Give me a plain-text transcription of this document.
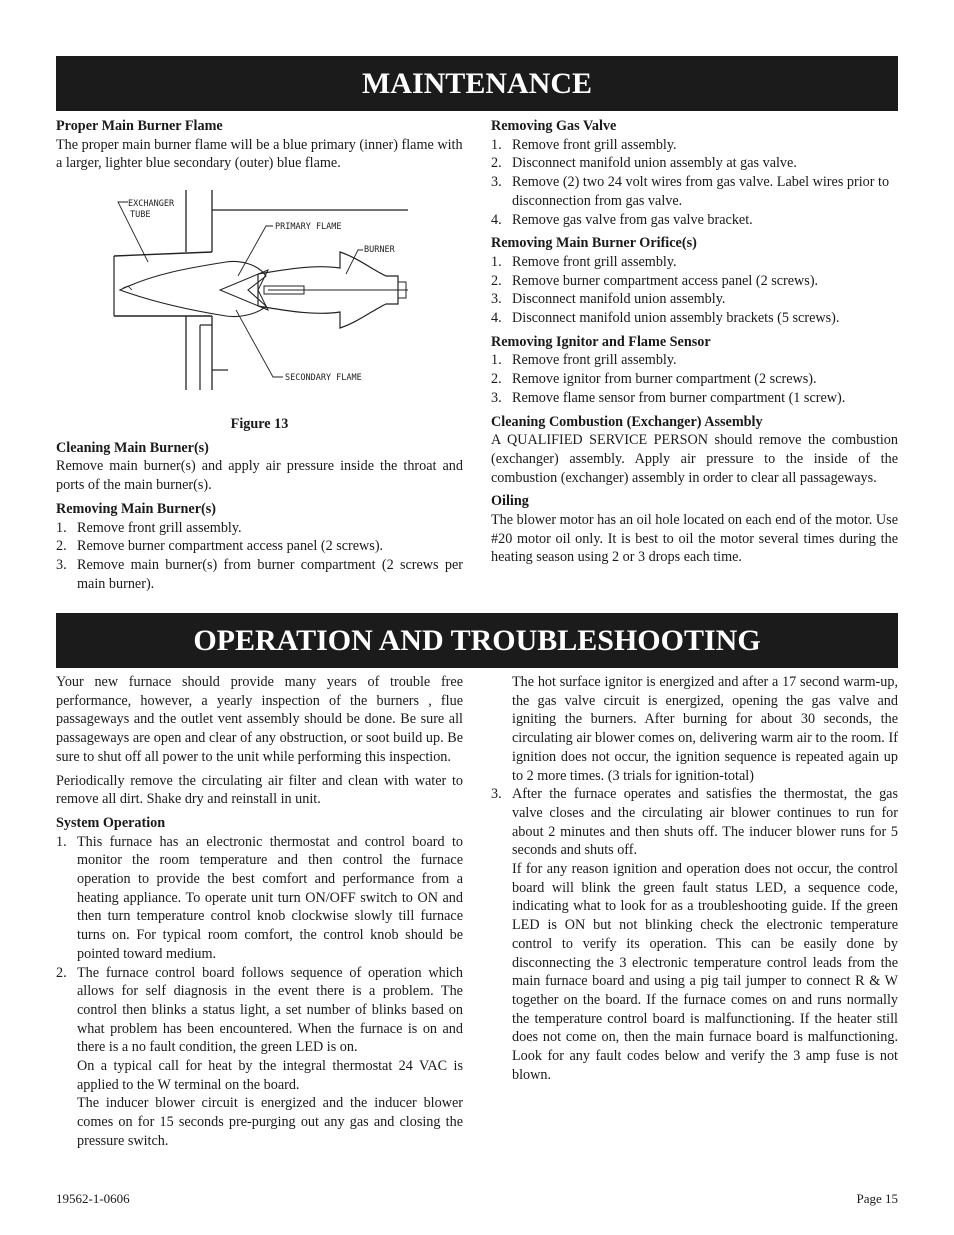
MAINTENANCE
Proper Main Burner Flame

The proper main burner flame will be a blue primary (inner) flame with a larger, lighter blue secondary (outer) blue flame.

EXCHANGER
TUBE
PRIMARY FLAME
BURNER
SECONDARY FLAME
Figure 13
Cleaning Main Burner(s)

Remove main burner(s) and apply air pressure inside the throat and ports of the main burner(s).

Removing Main Burner(s)
1. Remove front grill assembly.
2. Remove burner compartment access panel (2 screws).
3. Remove main burner(s) from burner compartment (2 screws per main burner).
Removing Gas Valve
1. Remove front grill assembly.
2. Disconnect manifold union assembly at gas valve.
3. Remove (2) two 24 volt wires from gas valve. Label wires prior to disconnection from gas valve.
4. Remove gas valve from gas valve bracket.
Removing Main Burner Orifice(s)
1. Remove front grill assembly.
2. Remove burner compartment access panel (2 screws).
3. Disconnect manifold union assembly.
4. Disconnect manifold union assembly brackets (5 screws).
Removing Ignitor and Flame Sensor
1. Remove front grill assembly.
2. Remove ignitor from burner compartment (2 screws).
3. Remove flame sensor from burner compartment (1 screw).
Cleaning Combustion (Exchanger) Assembly

A QUALIFIED SERVICE PERSON should remove the combustion (exchanger) assembly. Apply air pressure to the inside of the combustion (exchanger) assembly in order to clear all passageways.

Oiling

The blower motor has an oil hole located on each end of the motor. Use #20 motor oil only. It is best to oil the motor several times during the heating season using 2 or 3 drops each time.

OPERATION AND TROUBLESHOOTING

Your new furnace should provide many years of trouble free performance, however, a yearly inspection of the burners , flue passageways and the outlet vent assembly should be done. Be sure all passageways are open and clear of any obstruction, or soot build up. Be sure to shut off all power to the unit while performing this inspection.

Periodically remove the circulating air filter and clean with water to remove all dirt. Shake dry and reinstall in unit.

System Operation
1. This furnace has an electronic thermostat and control board to monitor the room temperature and then control the furnace operation to provide the best comfort and performance from a heating appliance. To operate unit turn ON/OFF switch to ON and then turn temperature control knob clockwise slowly till furnace turns on. For typical room comfort, the control knob should be pointed toward medium.
2. The furnace control board follows sequence of operation which allows for self diagnosis in the event there is a problem. The control then blinks a status light, a set number of blinks based on what problem has been encountered. When the furnace is on and there is a no fault condition, the green LED is on.

On a typical call for heat by the integral thermostat 24 VAC is applied to the W terminal on the board.

The inducer blower circuit is energized and the inducer blower comes on for 15 seconds pre-purging out any gas and closing the pressure switch.

The hot surface ignitor is energized and after a 17 second warm-up, the gas valve circuit is energized, opening the gas valve and igniting the burners. After burning for about 30 seconds, the circulating air blower comes on, delivering warm air to the room. If ignition does not occur, the ignition sequence is repeated again up to 2 more times. (3 trials for ignition-total)

3. After the furnace operates and satisfies the thermostat, the gas valve closes and the circulating air blower continues to run for about 2 minutes and then shuts off. The inducer blower runs for 5 seconds and shuts off.

If for any reason ignition and operation does not occur, the control board will blink the green fault status LED, a sequence code, indicating what to look for as a troubleshooting guide. If the green LED is ON but not blinking check the electronic temperature control to verify its operation. This can be easily done by disconnecting the 3 electronic temperature control leads from the main furnace board and using a pig tail jumper to connect R & W together on the board. If the furnace comes on and runs normally the temperature control board is malfunctioning. If the heater still does not come on, then the main furnace board is malfunctioning. Look for any fault codes below and verify the 3 amp fuse is not blown.

19562-1-0606	Page 15
